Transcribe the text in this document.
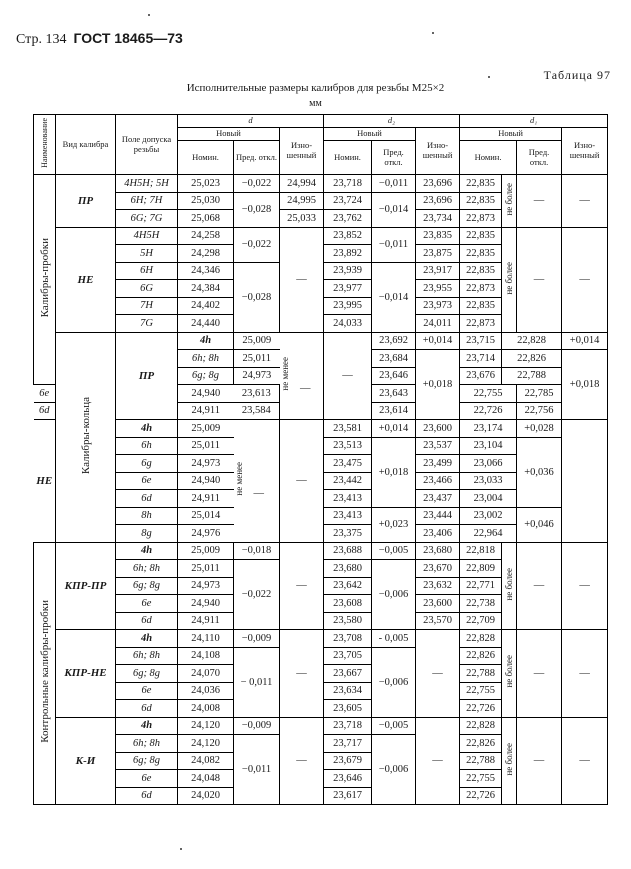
Стр. 134 ГОСТ 18465—73
Таблица 97
Исполнительные размеры калибров для резьбы М25×2
мм
Наименование	Вид калибра	Поле допуска резьбы	d			d₂			d₁				
			Новый		Изно-шенный	Новый		Изно-шенный	Новый			Изно-шенный	
			Номин.	Пред. откл.		Номин.	Пред. откл.		Номин.		Пред. откл.		
Калибры-пробки	ПР	4H5H; 5H	25,023	−0,022	24,994	23,718	−0,011	23,696	22,835	не более	—	—	
		6H; 7H	25,030	−0,028	24,995	23,724	−0,014	23,696	22,835				
		6G; 7G	25,068		25,033	23,762		23,734	22,873				
	НЕ	4H5H	24,258	−0,022	—	23,852	−0,011	23,835	22,835	не более	—	—	
		5H	24,298			23,892		23,875	22,835				
		6H	24,346	−0,028		23,939	−0,014	23,917	22,835				
		6G	24,384			23,977		23,955	22,873				
		7H	24,402			23,995		23,973	22,835				
		7G	24,440			24,033		24,011	22,873				
	Калибры-кольца	ПР	4h	25,009	не менее —	—	23,692	+0,014	23,715	22,828		+0,014	
			6h; 8h	25,011			23,684	+0,018	23,714	22,826		+0,018	
			6g; 8g	24,973			23,646		23,676	22,788	
6e			24,940	23,613			23,643		22,755		22,785		
6d			24,911	23,584			23,614		22,726		22,756		
НЕ		4h	25,009	не менее —	—	23,581	+0,014	23,600	23,174		+0,028		
		6h	25,011			23,513	+0,018	23,537	23,104		+0,036		
		6g	24,973			23,475		23,499	23,066				
		6e	24,940			23,442		23,466	23,033				
		6d	24,911			23,413		23,437	23,004				
		8h	25,014			23,413	+0,023	23,444	23,002		+0,046		
		8g	24,976			23,375		23,406	22,964				
Контрольные калибры-пробки	КПР-ПР	4h	25,009	−0,018	—	23,688	−0,005	23,680	22,818	не более	—	—	
		6h; 8h	25,011	−0,022		23,680	−0,006	23,670	22,809				
		6g; 8g	24,973			23,642		23,632	22,771				
		6e	24,940			23,608		23,600	22,738				
		6d	24,911			23,580		23,570	22,709				
	КПР-НЕ	4h	24,110	−0,009	—	23,708	- 0,005	—	22,828	не более	—	—	
		6h; 8h	24,108	− 0,011		23,705	−0,006		22,826				
		6g; 8g	24,070			23,667			22,788				
		6e	24,036			23,634			22,755				
		6d	24,008			23,605			22,726				
	К-И	4h	24,120	−0,009	—	23,718	−0,005	—	22,828	не более	—	—	
		6h; 8h	24,120	−0,011		23,717	−0,006		22,826				
		6g; 8g	24,082			23,679			22,788				
		6e	24,048			23,646			22,755				
		6d	24,020			23,617			22,726				
